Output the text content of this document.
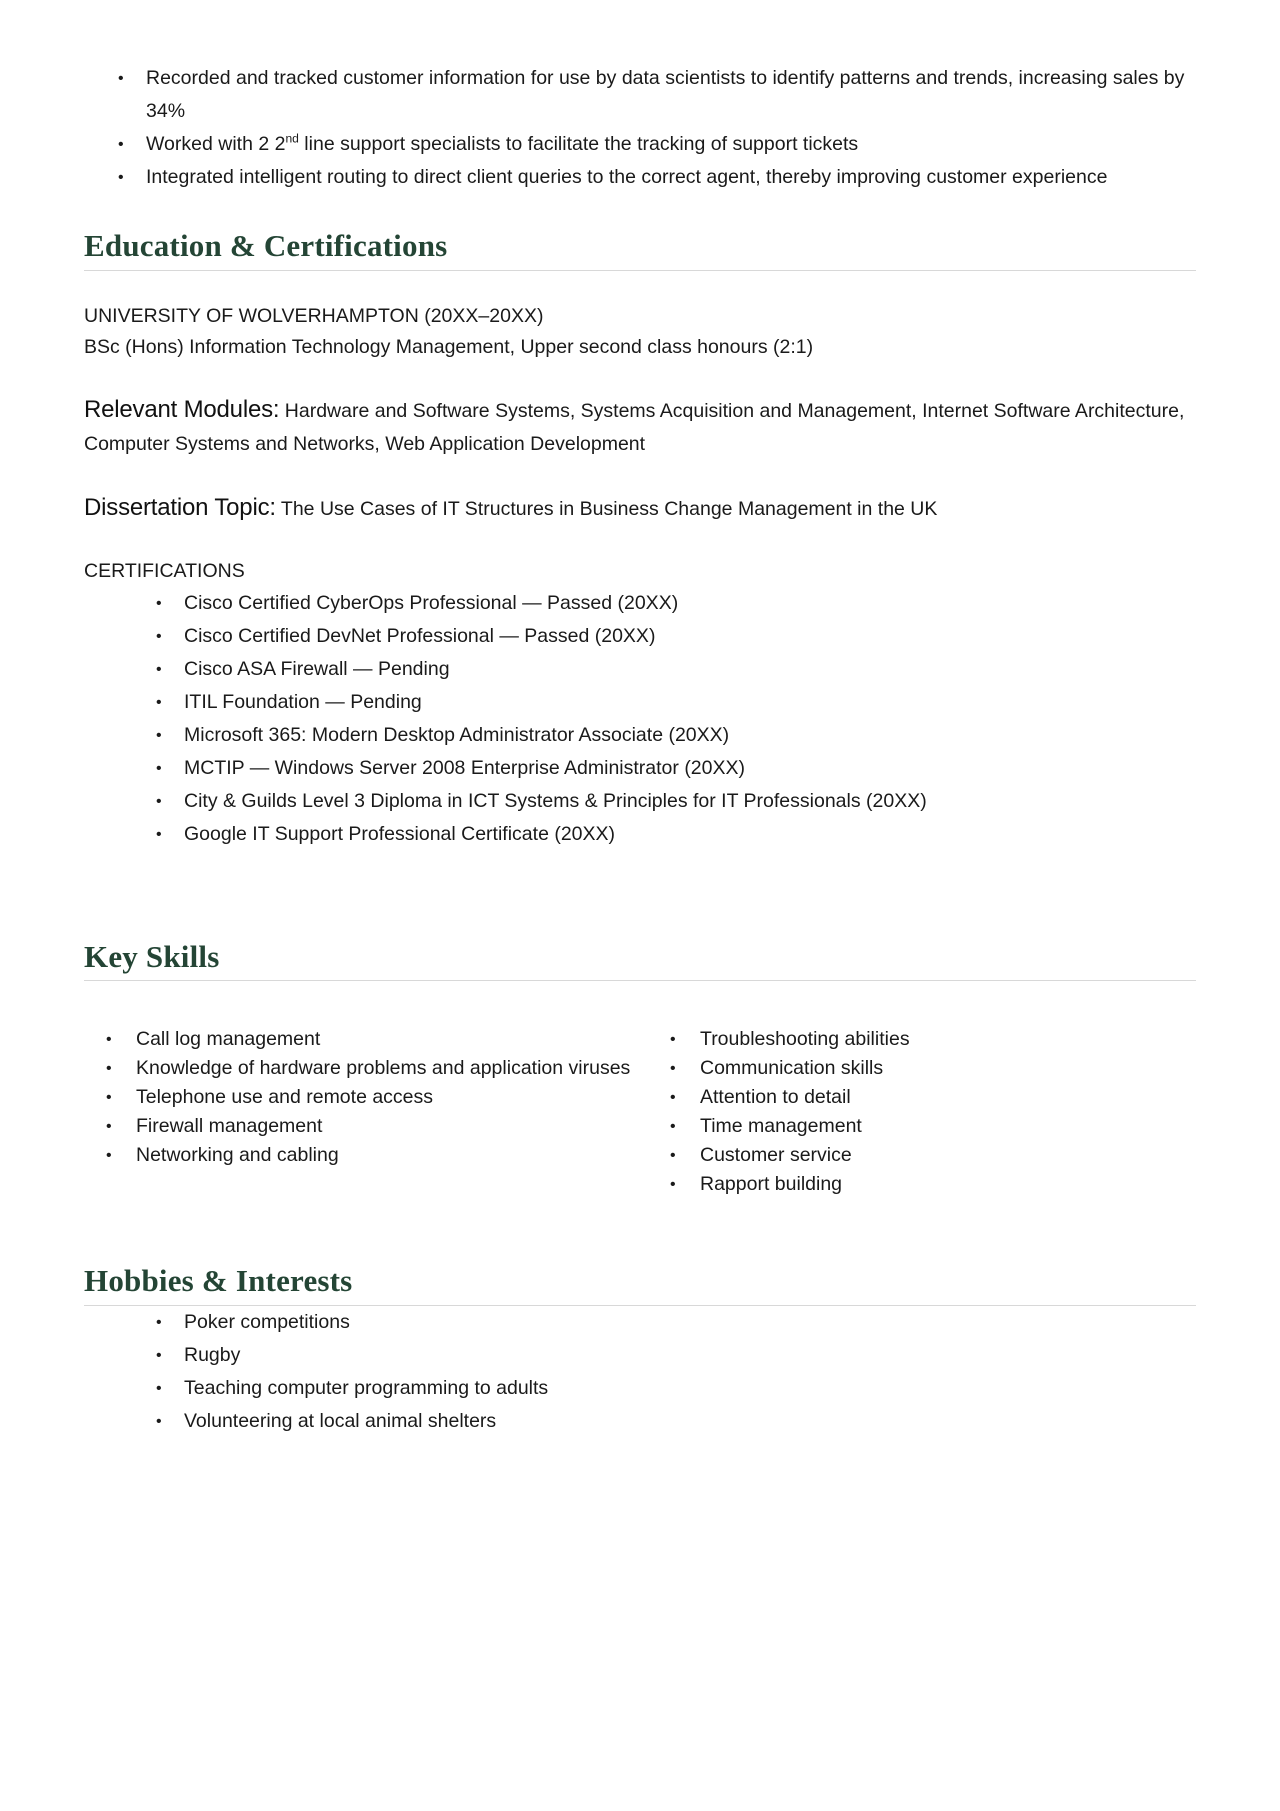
• Recorded and tracked customer information for use by data scientists to identify patterns and trends, increasing sales by 34%
• Worked with 2 2nd line support specialists to facilitate the tracking of support tickets
• Integrated intelligent routing to direct client queries to the correct agent, thereby improving customer experience
Education & Certifications
UNIVERSITY OF WOLVERHAMPTON (20XX–20XX)
BSc (Hons) Information Technology Management, Upper second class honours (2:1)
Relevant Modules: Hardware and Software Systems, Systems Acquisition and Management, Internet Software Architecture, Computer Systems and Networks, Web Application Development
Dissertation Topic: The Use Cases of IT Structures in Business Change Management in the UK
CERTIFICATIONS
• Cisco Certified CyberOps Professional — Passed (20XX)
• Cisco Certified DevNet Professional — Passed (20XX)
• Cisco ASA Firewall — Pending
• ITIL Foundation — Pending
• Microsoft 365: Modern Desktop Administrator Associate (20XX)
• MCTIP — Windows Server 2008 Enterprise Administrator (20XX)
• City & Guilds Level 3 Diploma in ICT Systems & Principles for IT Professionals (20XX)
• Google IT Support Professional Certificate (20XX)
Key Skills
• Call log management
• Knowledge of hardware problems and application viruses
• Telephone use and remote access
• Firewall management
• Networking and cabling
• Troubleshooting abilities
• Communication skills
• Attention to detail
• Time management
• Customer service
• Rapport building
Hobbies & Interests
• Poker competitions
• Rugby
• Teaching computer programming to adults
• Volunteering at local animal shelters
